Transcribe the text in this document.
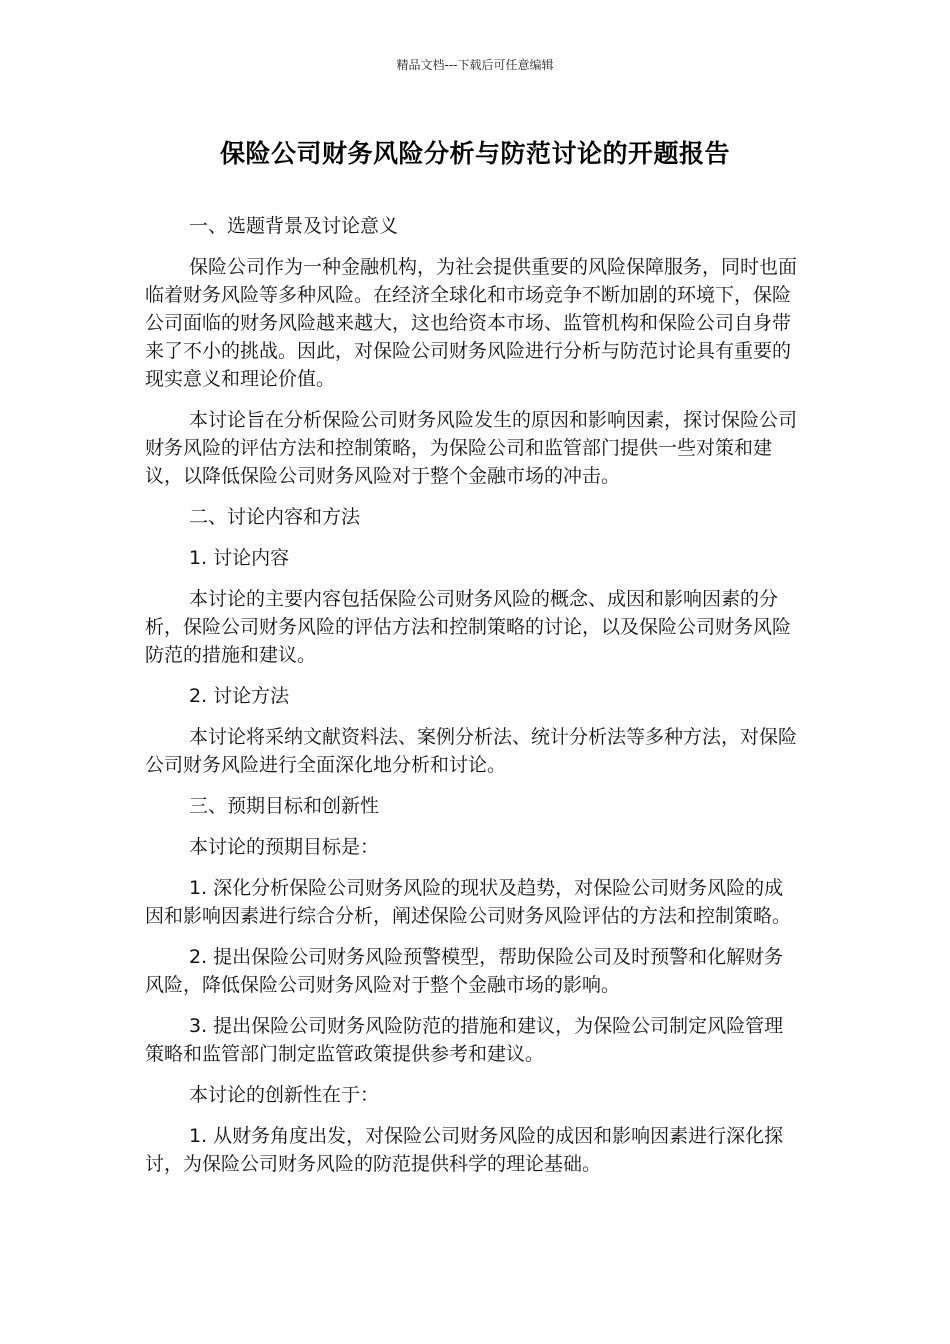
精品文档---下载后可任意编辑
保险公司财务风险分析与防范讨论的开题报告

一、选题背景及讨论意义

保险公司作为一种金融机构，为社会提供重要的风险保障服务，同时也面临着财务风险等多种风险。在经济全球化和市场竞争不断加剧的环境下，保险公司面临的财务风险越来越大，这也给资本市场、监管机构和保险公司自身带来了不小的挑战。因此，对保险公司财务风险进行分析与防范讨论具有重要的现实意义和理论价值。

本讨论旨在分析保险公司财务风险发生的原因和影响因素，探讨保险公司财务风险的评估方法和控制策略，为保险公司和监管部门提供一些对策和建议，以降低保险公司财务风险对于整个金融市场的冲击。

二、讨论内容和方法

1. 讨论内容

本讨论的主要内容包括保险公司财务风险的概念、成因和影响因素的分析，保险公司财务风险的评估方法和控制策略的讨论，以及保险公司财务风险防范的措施和建议。

2. 讨论方法

本讨论将采纳文献资料法、案例分析法、统计分析法等多种方法，对保险公司财务风险进行全面深化地分析和讨论。

三、预期目标和创新性

本讨论的预期目标是：

1. 深化分析保险公司财务风险的现状及趋势，对保险公司财务风险的成因和影响因素进行综合分析，阐述保险公司财务风险评估的方法和控制策略。

2. 提出保险公司财务风险预警模型，帮助保险公司及时预警和化解财务风险，降低保险公司财务风险对于整个金融市场的影响。

3. 提出保险公司财务风险防范的措施和建议，为保险公司制定风险管理策略和监管部门制定监管政策提供参考和建议。

本讨论的创新性在于：

1. 从财务角度出发，对保险公司财务风险的成因和影响因素进行深化探讨，为保险公司财务风险的防范提供科学的理论基础。
